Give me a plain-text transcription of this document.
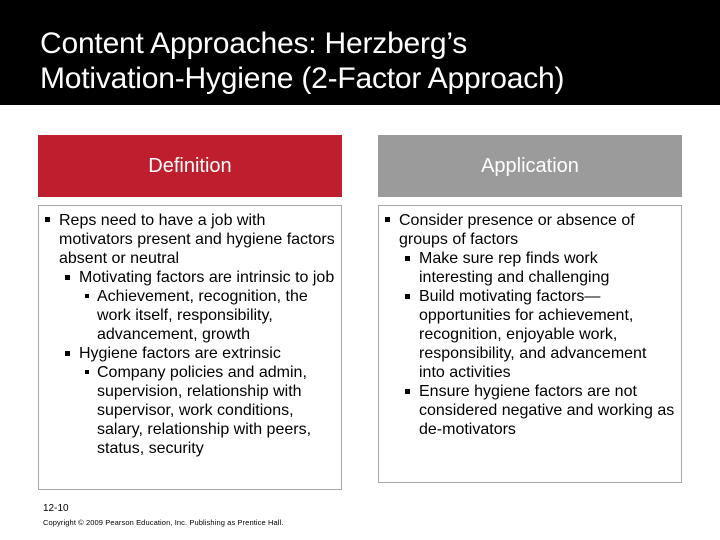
Content Approaches: Herzberg’s
Motivation-Hygiene (2-Factor Approach)
Definition
Reps need to have a job with motivators present and hygiene factors absent or neutral
Motivating factors are intrinsic to job
Achievement, recognition, the work itself, responsibility, advancement, growth
Hygiene factors are extrinsic
Company policies and admin, supervision, relationship with supervisor, work conditions, salary, relationship with peers, status, security
Application
Consider presence or absence of groups of factors
Make sure rep finds work interesting and challenging
Build motivating factors—opportunities for achievement, recognition, enjoyable work, responsibility, and advancement into activities
Ensure hygiene factors are not considered negative and working as de-motivators
12-10
Copyright © 2009 Pearson Education, Inc. Publishing as Prentice Hall.
